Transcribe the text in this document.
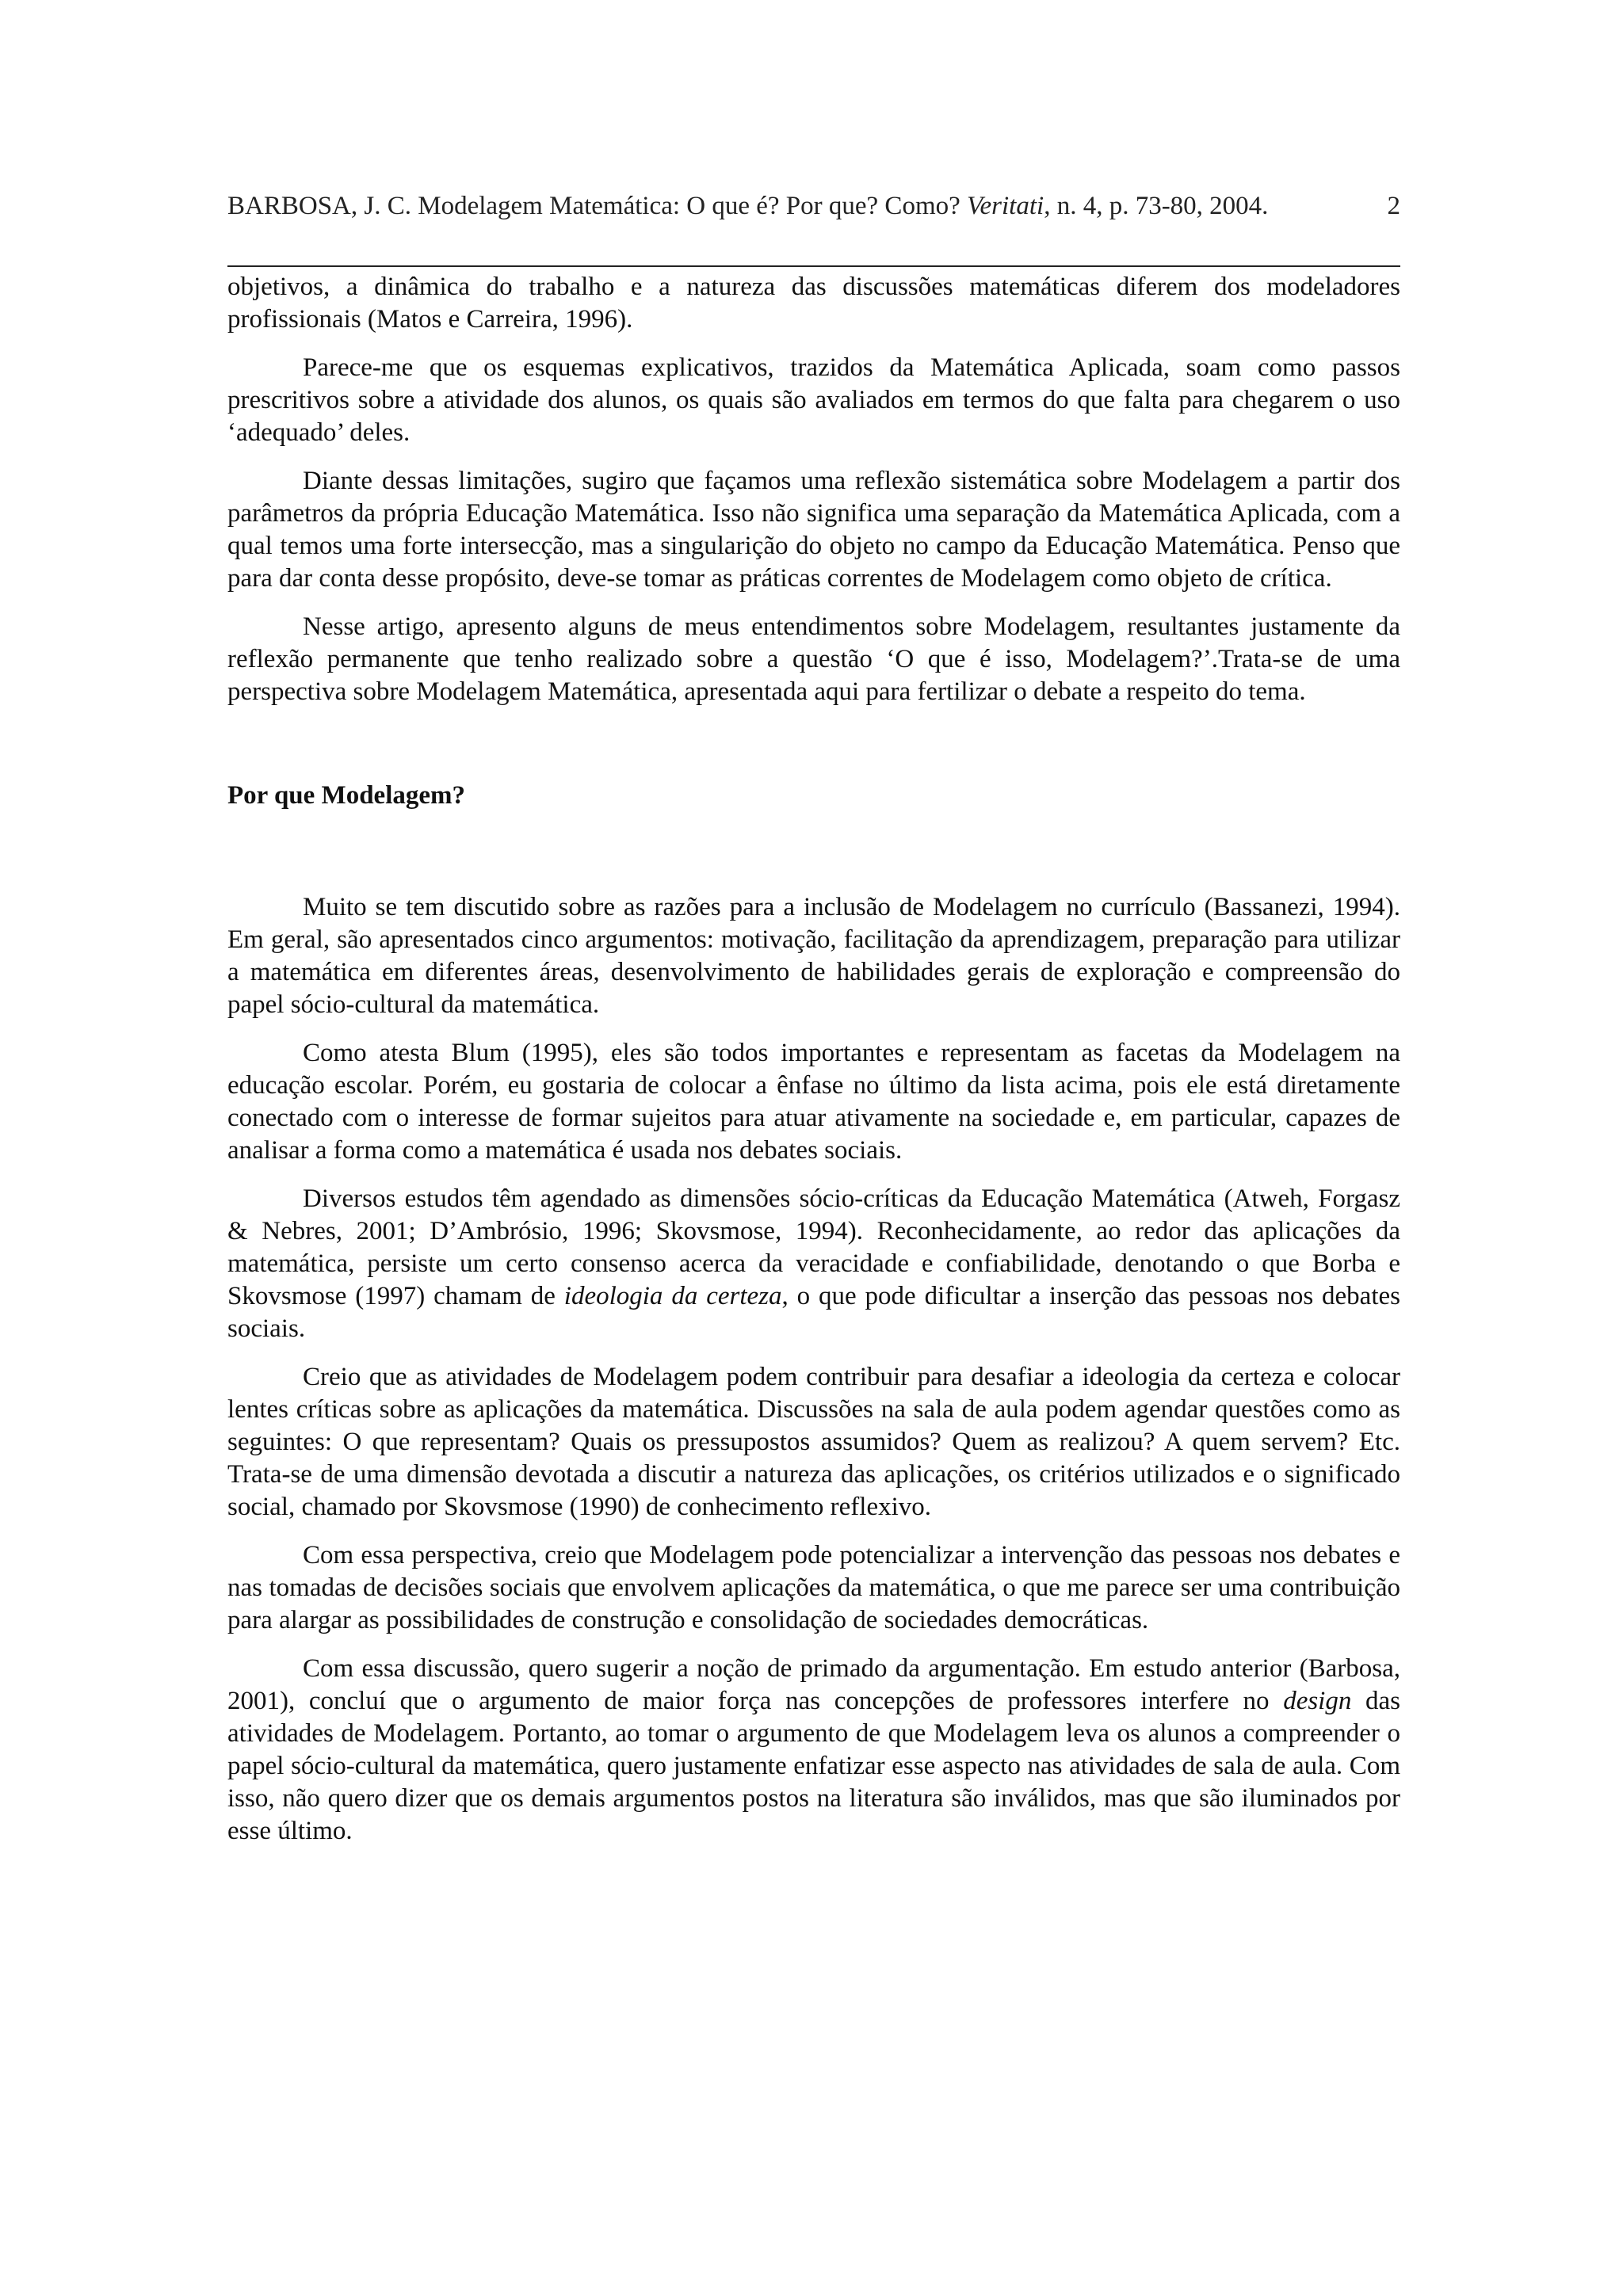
BARBOSA, J. C. Modelagem Matemática: O que é? Por que? Como? Veritati, n. 4, p. 73-80, 2004.	2

objetivos, a dinâmica do trabalho e a natureza das discussões matemáticas diferem dos modeladores profissionais (Matos e Carreira, 1996).

Parece-me que os esquemas explicativos, trazidos da Matemática Aplicada, soam como passos prescritivos sobre a atividade dos alunos, os quais são avaliados em termos do que falta para chegarem o uso ‘adequado’ deles.

Diante dessas limitações, sugiro que façamos uma reflexão sistemática sobre Modelagem a partir dos parâmetros da própria Educação Matemática. Isso não significa uma separação da Matemática Aplicada, com a qual temos uma forte intersecção, mas a singularição do objeto no campo da Educação Matemática. Penso que para dar conta desse propósito, deve-se tomar as práticas correntes de Modelagem como objeto de crítica.

Nesse artigo, apresento alguns de meus entendimentos sobre Modelagem, resultantes justamente da reflexão permanente que tenho realizado sobre a questão ‘O que é isso, Modelagem?’.Trata-se de uma perspectiva sobre Modelagem Matemática, apresentada aqui para fertilizar o debate a respeito do tema.

Por que Modelagem?

Muito se tem discutido sobre as razões para a inclusão de Modelagem no currículo (Bassanezi, 1994). Em geral, são apresentados cinco argumentos: motivação, facilitação da aprendizagem, preparação para utilizar a matemática em diferentes áreas, desenvolvimento de habilidades gerais de exploração e compreensão do papel sócio-cultural da matemática.

Como atesta Blum (1995), eles são todos importantes e representam as facetas da Modelagem na educação escolar. Porém, eu gostaria de colocar a ênfase no último da lista acima, pois ele está diretamente conectado com o interesse de formar sujeitos para atuar ativamente na sociedade e, em particular, capazes de analisar a forma como a matemática é usada nos debates sociais.

Diversos estudos têm agendado as dimensões sócio-críticas da Educação Matemática (Atweh, Forgasz & Nebres, 2001; D’Ambrósio, 1996; Skovsmose, 1994). Reconhecidamente, ao redor das aplicações da matemática, persiste um certo consenso acerca da veracidade e confiabilidade, denotando o que Borba e Skovsmose (1997) chamam de ideologia da certeza, o que pode dificultar a inserção das pessoas nos debates sociais.

Creio que as atividades de Modelagem podem contribuir para desafiar a ideologia da certeza e colocar lentes críticas sobre as aplicações da matemática. Discussões na sala de aula podem agendar questões como as seguintes: O que representam? Quais os pressupostos assumidos? Quem as realizou? A quem servem? Etc. Trata-se de uma dimensão devotada a discutir a natureza das aplicações, os critérios utilizados e o significado social, chamado por Skovsmose (1990) de conhecimento reflexivo.

Com essa perspectiva, creio que Modelagem pode potencializar a intervenção das pessoas nos debates e nas tomadas de decisões sociais que envolvem aplicações da matemática, o que me parece ser uma contribuição para alargar as possibilidades de construção e consolidação de sociedades democráticas.

Com essa discussão, quero sugerir a noção de primado da argumentação. Em estudo anterior (Barbosa, 2001), concluí que o argumento de maior força nas concepções de professores interfere no design das atividades de Modelagem. Portanto, ao tomar o argumento de que Modelagem leva os alunos a compreender o papel sócio-cultural da matemática, quero justamente enfatizar esse aspecto nas atividades de sala de aula. Com isso, não quero dizer que os demais argumentos postos na literatura são inválidos, mas que são iluminados por esse último.
